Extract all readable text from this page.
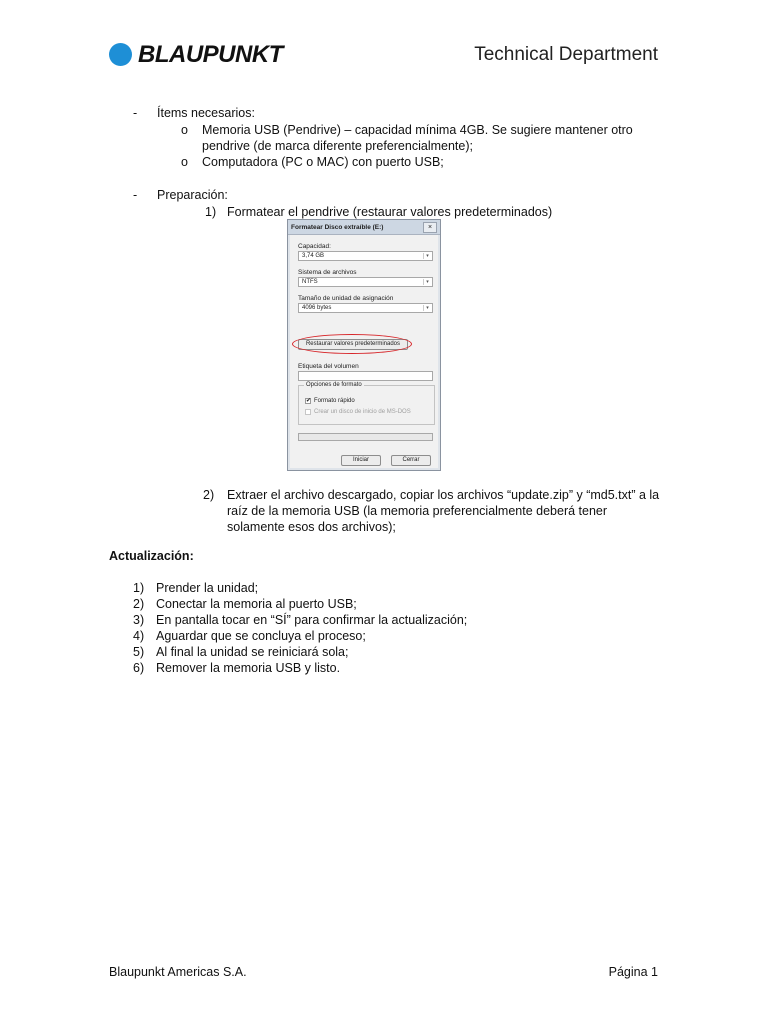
BLAUPUNKT	Technical Department
- Ítems necesarios:
o Memoria USB (Pendrive) – capacidad mínima 4GB. Se sugiere mantener otro
pendrive (de marca diferente preferencialmente);
o Computadora (PC o MAC) con puerto USB;
- Preparación:
1) Formatear el pendrive (restaurar valores predeterminados)
Formatear Disco extraíble (E:)	×
Capacidad:
3,74 GB	▾
Sistema de archivos
NTFS	▾
Tamaño de unidad de asignación
4096 bytes	▾
Restaurar valores predeterminados
Etiqueta del volumen
Opciones de formato
✔ Formato rápido
Crear un disco de inicio de MS-DOS
Iniciar	Cerrar
2) Extraer el archivo descargado, copiar los archivos “update.zip” y “md5.txt” a la
raíz de la memoria USB (la memoria preferencialmente deberá tener
solamente esos dos archivos);
Actualización:
1) Prender la unidad;
2) Conectar la memoria al puerto USB;
3) En pantalla tocar en “SÍ” para confirmar la actualización;
4) Aguardar que se concluya el proceso;
5) Al final la unidad se reiniciará sola;
6) Remover la memoria USB y listo.
Blaupunkt Americas S.A.	Página 1
